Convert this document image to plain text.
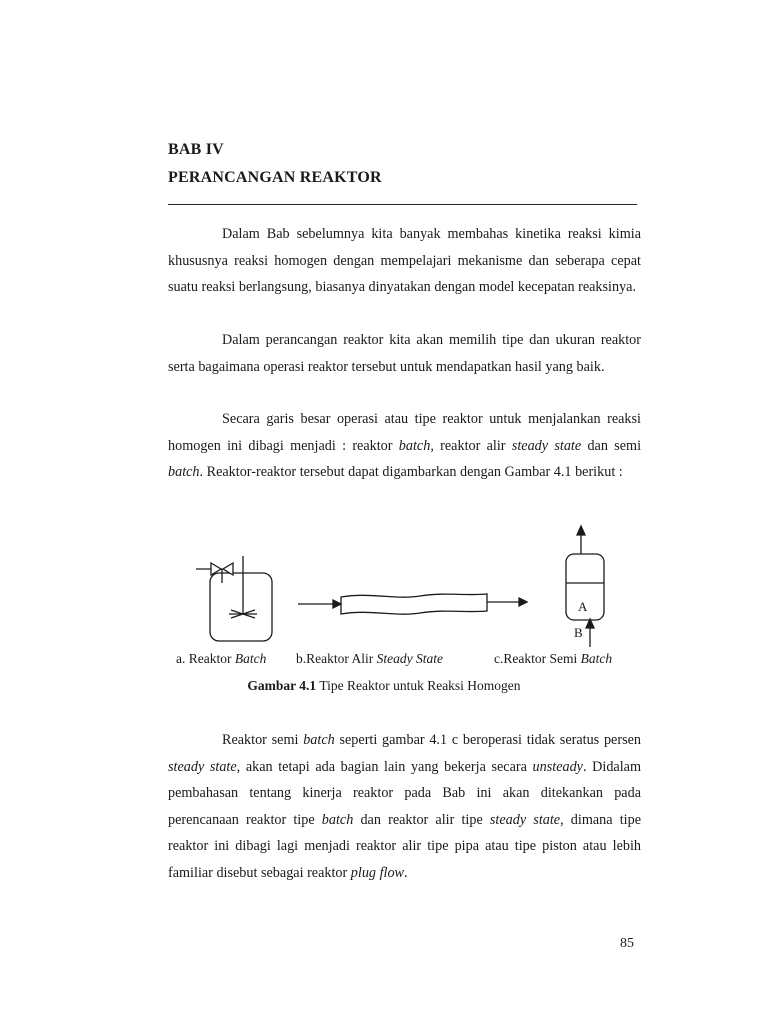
BAB IV
PERANCANGAN REAKTOR

Dalam Bab sebelumnya kita banyak membahas kinetika reaksi kimia khususnya reaksi homogen dengan mempelajari mekanisme dan seberapa cepat suatu reaksi berlangsung, biasanya dinyatakan dengan model kecepatan reaksinya.

Dalam perancangan reaktor kita akan memilih tipe dan ukuran reaktor serta bagaimana operasi reaktor tersebut untuk mendapatkan hasil yang baik.

Secara garis besar operasi atau tipe reaktor untuk menjalankan reaksi homogen ini dibagi menjadi : reaktor batch, reaktor alir steady state dan semi batch. Reaktor-reaktor tersebut dapat digambarkan dengan Gambar 4.1 berikut :

A
B
a. Reaktor Batch b.Reaktor Alir Steady State	c.Reaktor Semi Batch
Gambar 4.1 Tipe Reaktor untuk Reaksi Homogen

Reaktor semi batch seperti gambar 4.1 c beroperasi tidak seratus persen steady state, akan tetapi ada bagian lain yang bekerja secara unsteady. Didalam pembahasan tentang kinerja reaktor pada Bab ini akan ditekankan pada perencanaan reaktor tipe batch dan reaktor alir tipe steady state, dimana tipe reaktor ini dibagi lagi menjadi reaktor alir tipe pipa atau tipe piston atau lebih familiar disebut sebagai reaktor plug flow.

85
